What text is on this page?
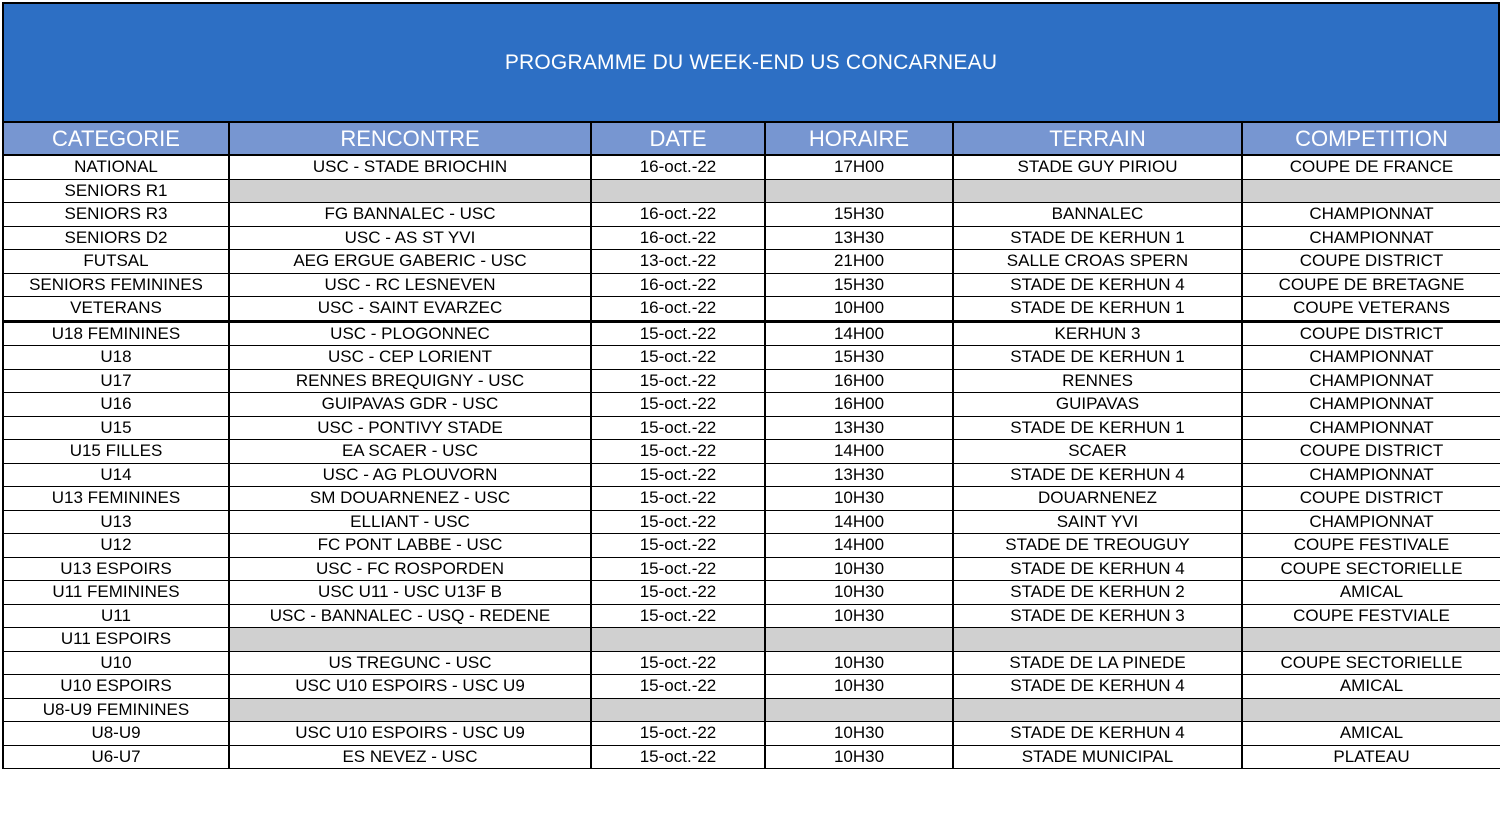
PROGRAMME DU WEEK-END US CONCARNEAU
CATEGORIE	RENCONTRE	DATE	HORAIRE	TERRAIN	COMPETITION
NATIONAL	USC - STADE BRIOCHIN	16-oct.-22	17H00	STADE GUY PIRIOU	COUPE DE FRANCE
SENIORS R1					
SENIORS R3	FG BANNALEC - USC	16-oct.-22	15H30	BANNALEC	CHAMPIONNAT
SENIORS D2	USC - AS ST YVI	16-oct.-22	13H30	STADE DE KERHUN 1	CHAMPIONNAT
FUTSAL	AEG ERGUE GABERIC - USC	13-oct.-22	21H00	SALLE CROAS SPERN	COUPE DISTRICT
SENIORS FEMININES	USC - RC LESNEVEN	16-oct.-22	15H30	STADE DE KERHUN 4	COUPE DE BRETAGNE
VETERANS	USC - SAINT EVARZEC	16-oct.-22	10H00	STADE DE KERHUN 1	COUPE VETERANS
U18 FEMININES	USC - PLOGONNEC	15-oct.-22	14H00	KERHUN 3	COUPE DISTRICT
U18	USC - CEP LORIENT	15-oct.-22	15H30	STADE DE KERHUN 1	CHAMPIONNAT
U17	RENNES BREQUIGNY - USC	15-oct.-22	16H00	RENNES	CHAMPIONNAT
U16	GUIPAVAS GDR - USC	15-oct.-22	16H00	GUIPAVAS	CHAMPIONNAT
U15	USC - PONTIVY STADE	15-oct.-22	13H30	STADE DE KERHUN 1	CHAMPIONNAT
U15 FILLES	EA SCAER - USC	15-oct.-22	14H00	SCAER	COUPE DISTRICT
U14	USC - AG PLOUVORN	15-oct.-22	13H30	STADE DE KERHUN 4	CHAMPIONNAT
U13 FEMININES	SM DOUARNENEZ - USC	15-oct.-22	10H30	DOUARNENEZ	COUPE DISTRICT
U13	ELLIANT - USC	15-oct.-22	14H00	SAINT YVI	CHAMPIONNAT
U12	FC PONT LABBE - USC	15-oct.-22	14H00	STADE DE TREOUGUY	COUPE FESTIVALE
U13 ESPOIRS	USC - FC ROSPORDEN	15-oct.-22	10H30	STADE DE KERHUN 4	COUPE SECTORIELLE
U11 FEMININES	USC U11 - USC U13F B	15-oct.-22	10H30	STADE DE KERHUN 2	AMICAL
U11	USC - BANNALEC - USQ - REDENE	15-oct.-22	10H30	STADE DE KERHUN 3	COUPE FESTVIALE
U11 ESPOIRS					
U10	US TREGUNC - USC	15-oct.-22	10H30	STADE DE LA PINEDE	COUPE SECTORIELLE
U10 ESPOIRS	USC U10 ESPOIRS - USC U9	15-oct.-22	10H30	STADE DE KERHUN 4	AMICAL
U8-U9 FEMININES					
U8-U9	USC U10 ESPOIRS - USC U9	15-oct.-22	10H30	STADE DE KERHUN 4	AMICAL
U6-U7	ES NEVEZ - USC	15-oct.-22	10H30	STADE MUNICIPAL	PLATEAU
